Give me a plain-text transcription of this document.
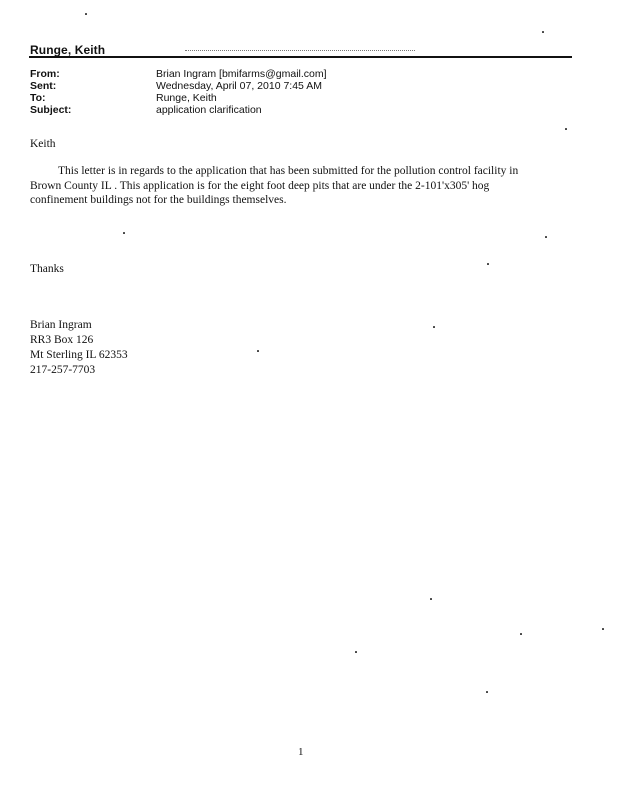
Runge, Keith
From:	Brian Ingram [bmifarms@gmail.com]
Sent:	Wednesday, April 07, 2010 7:45 AM
To:	Runge, Keith
Subject:	application clarification
Keith
This letter is in regards to the application that has been submitted for the pollution control facility in
Brown County IL . This application is for the eight foot deep pits that are under the 2-101'x305' hog
confinement buildings not for the buildings themselves.
Thanks
Brian Ingram
RR3 Box 126
Mt Sterling IL 62353
217-257-7703
1
